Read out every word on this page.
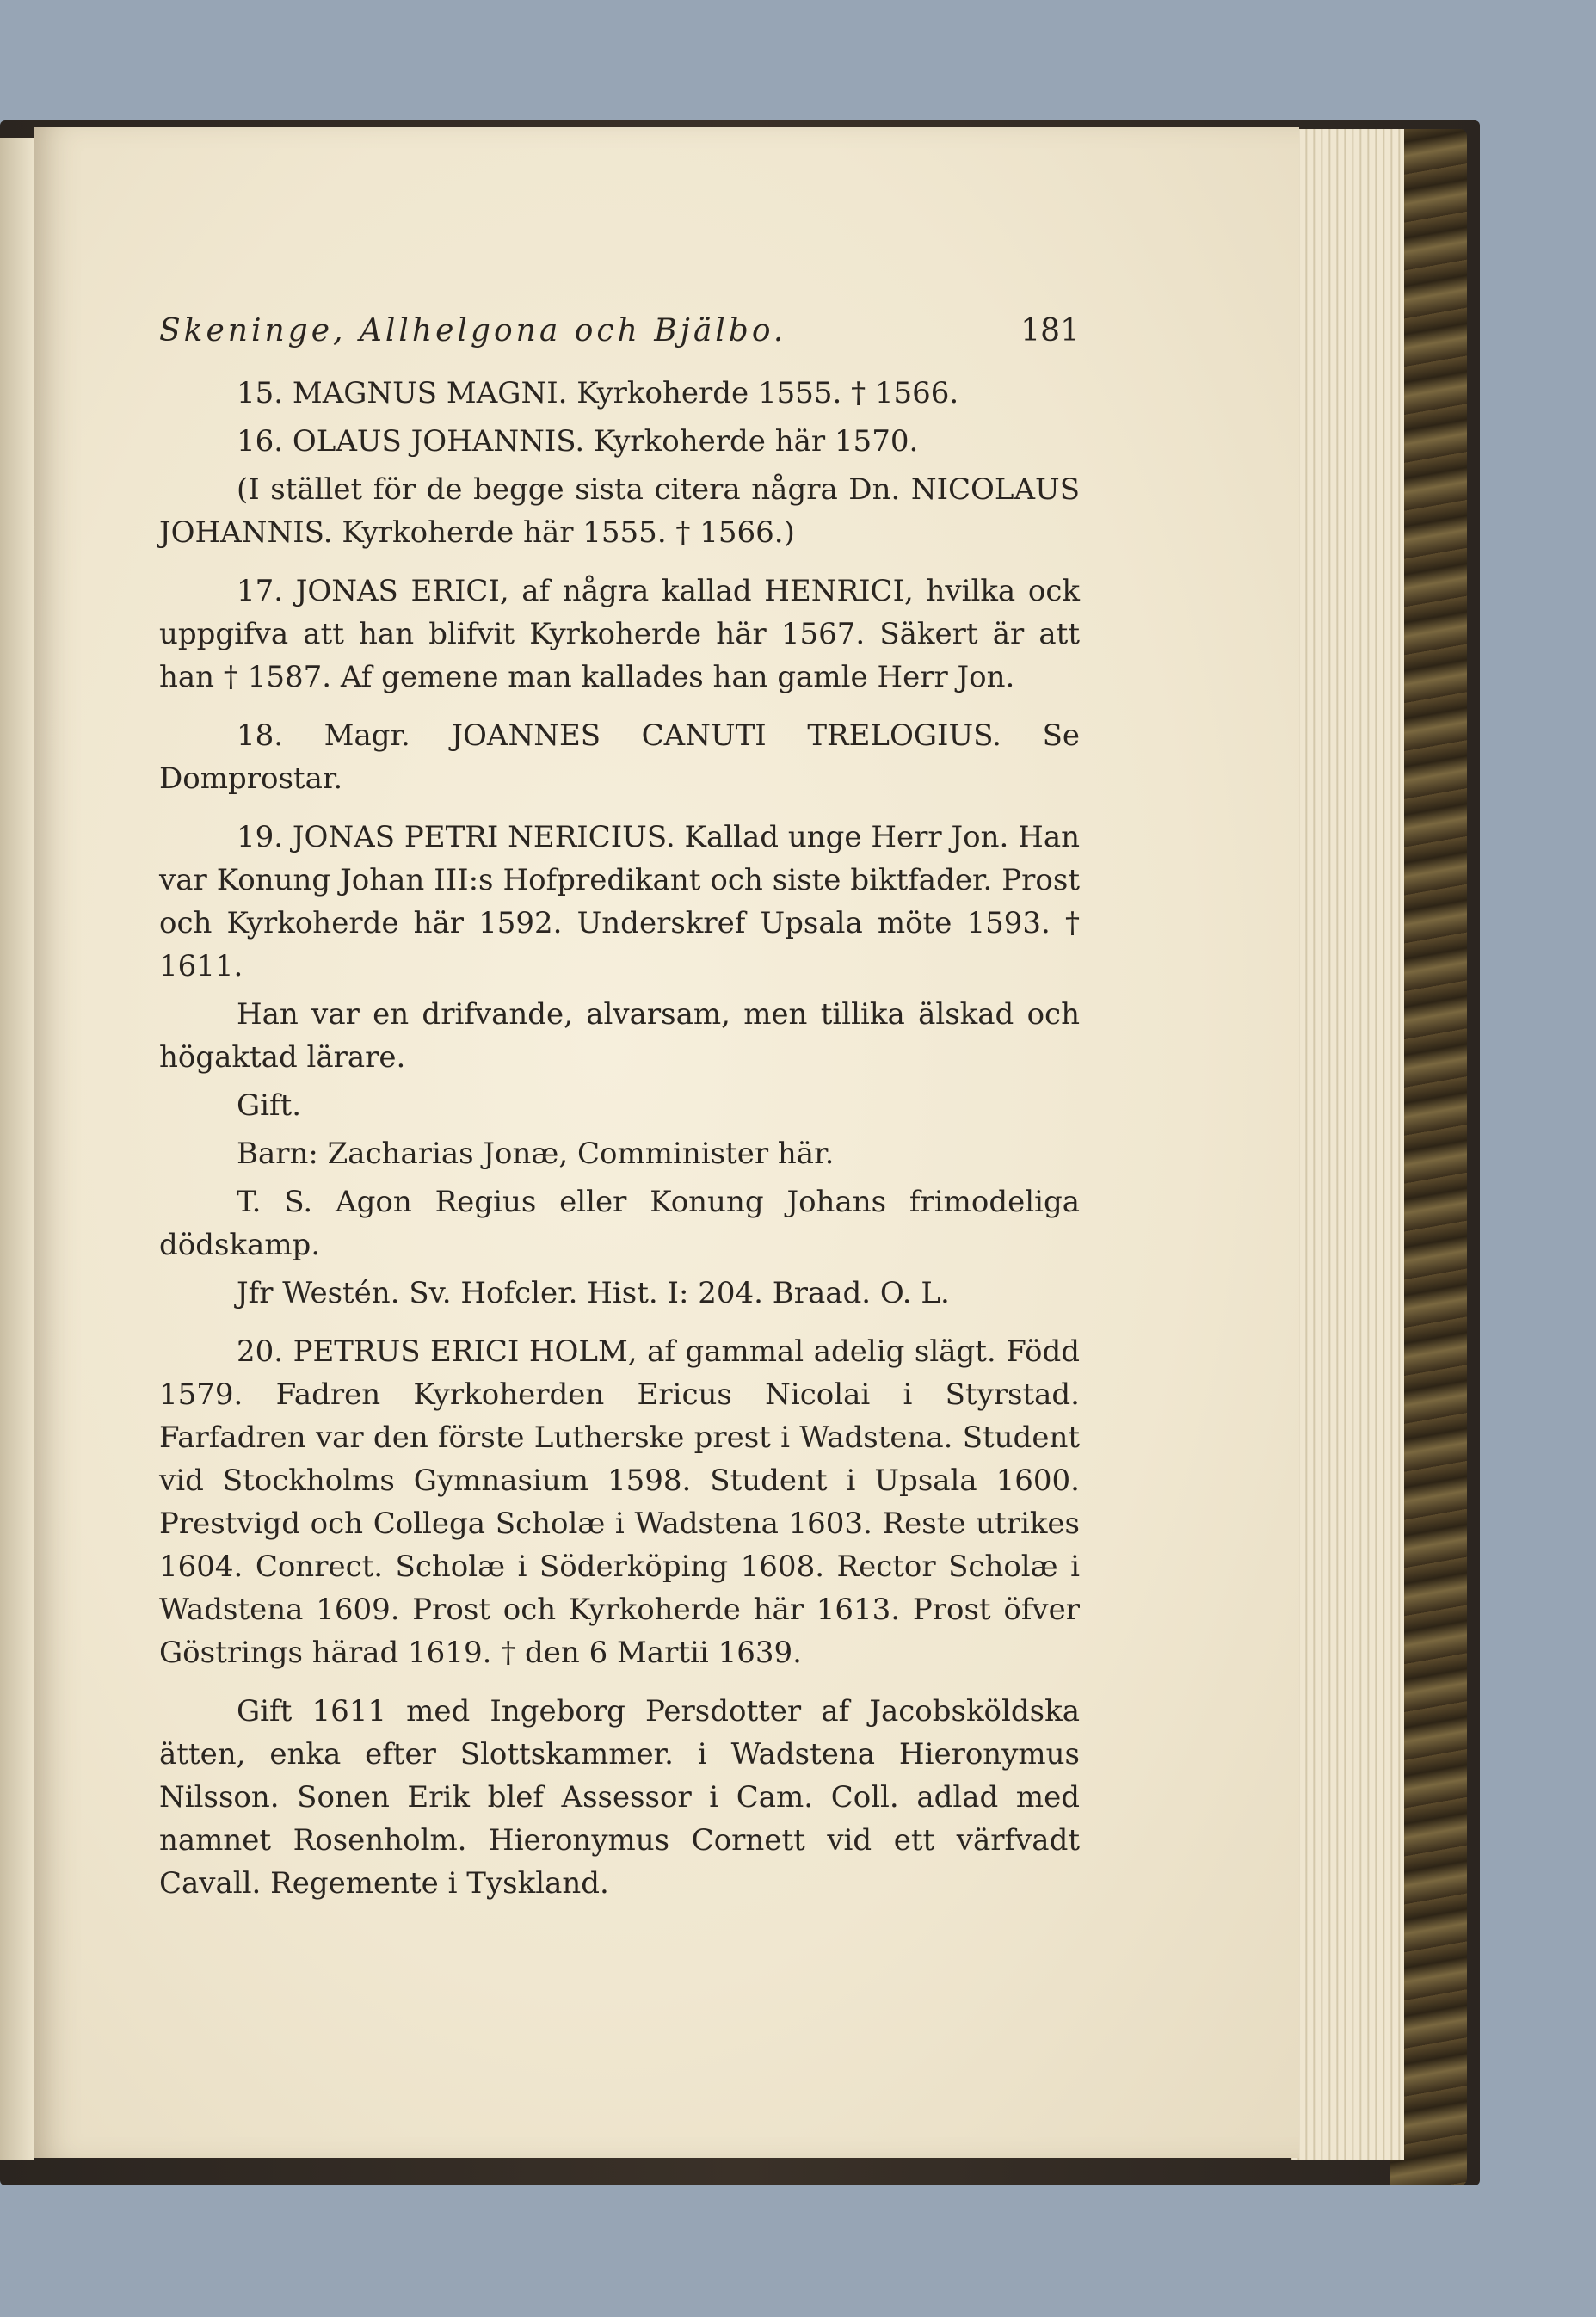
Skeninge, Allhelgona och Bjälbo.	181

15. MAGNUS MAGNI. Kyrkoherde 1555. † 1566.

16. OLAUS JOHANNIS. Kyrkoherde här 1570.

(I stället för de begge sista citera några Dn. NICOLAUS JOHANNIS. Kyrkoherde här 1555. † 1566.)

17. JONAS ERICI, af några kallad HENRICI, hvilka ock uppgifva att han blifvit Kyrkoherde här 1567. Säkert är att han † 1587. Af gemene man kallades han gamle Herr Jon.

18. Magr. JOANNES CANUTI TRELOGIUS. Se Domprostar.

19. JONAS PETRI NERICIUS. Kallad unge Herr Jon. Han var Konung Johan III:s Hofpredikant och siste biktfader. Prost och Kyrkoherde här 1592. Underskref Upsala möte 1593. † 1611.

Han var en drifvande, alvarsam, men tillika älskad och högaktad lärare.

Gift.

Barn: Zacharias Jonæ, Comminister här.

T. S. Agon Regius eller Konung Johans frimodeliga dödskamp.

Jfr Westén. Sv. Hofcler. Hist. I: 204. Braad. O. L.

20. PETRUS ERICI HOLM, af gammal adelig slägt. Född 1579. Fadren Kyrkoherden Ericus Nicolai i Styrstad. Farfadren var den förste Lutherske prest i Wadstena. Student vid Stockholms Gymnasium 1598. Student i Upsala 1600. Prestvigd och Collega Scholæ i Wadstena 1603. Reste utrikes 1604. Conrect. Scholæ i Söderköping 1608. Rector Scholæ i Wadstena 1609. Prost och Kyrkoherde här 1613. Prost öfver Göstrings härad 1619. † den 6 Martii 1639.

Gift 1611 med Ingeborg Persdotter af Jacobsköldska ätten, enka efter Slottskammer. i Wadstena Hieronymus Nilsson. Sonen Erik blef Assessor i Cam. Coll. adlad med namnet Rosenholm. Hieronymus Cornett vid ett värfvadt Cavall. Regemente i Tyskland.
